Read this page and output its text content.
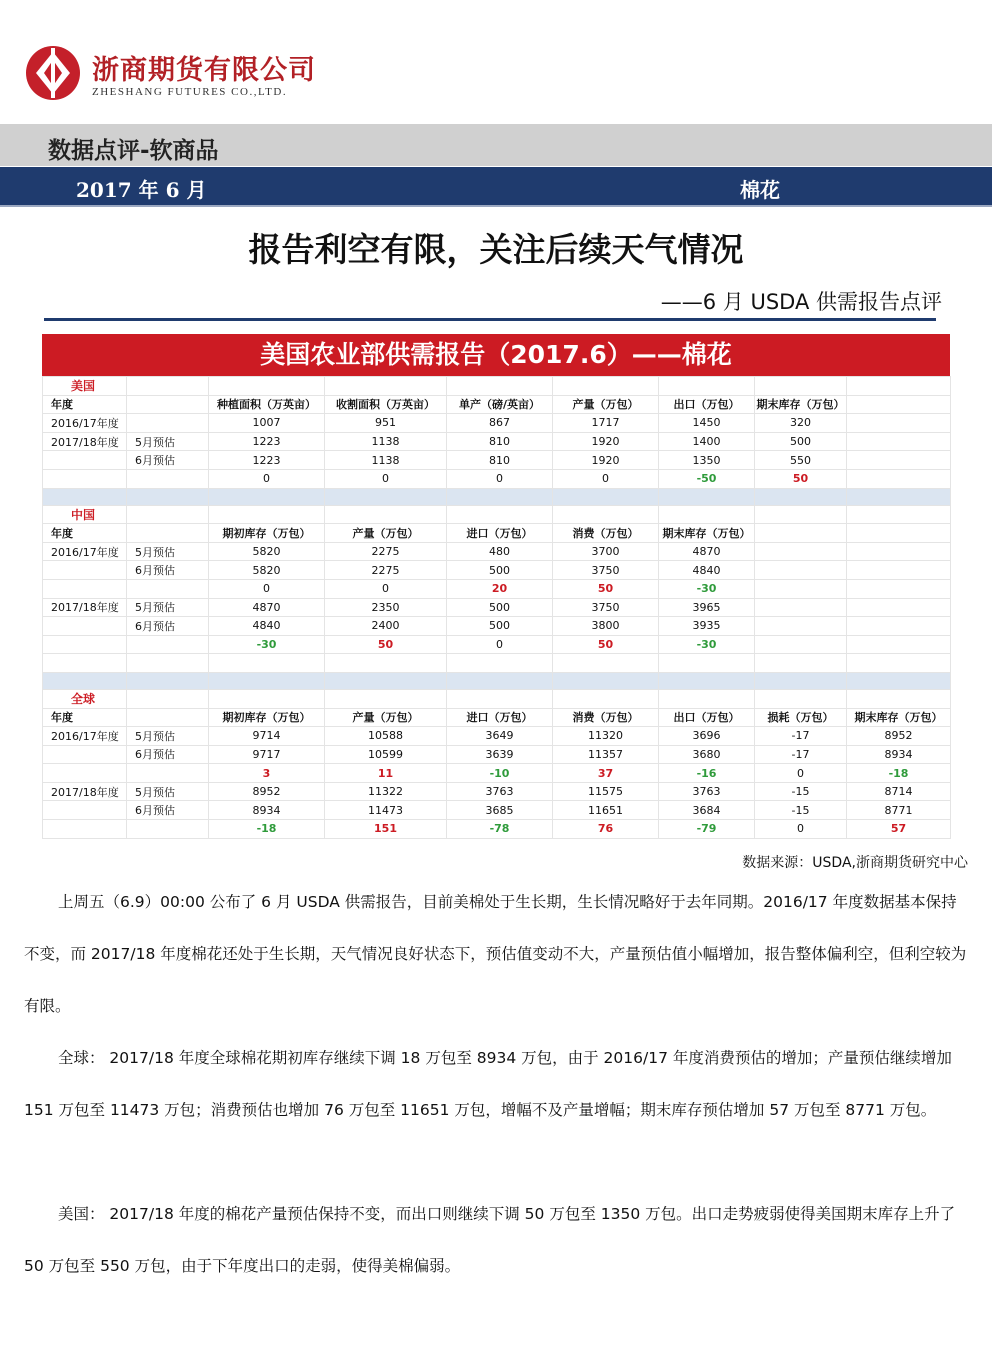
浙商期货有限公司
ZHESHANG FUTURES CO.,LTD.
数据点评-软商品
2017 年 6 月	棉花
报告利空有限，关注后续天气情况
——6 月 USDA 供需报告点评
美国农业部供需报告（2017.6）——棉花
美国								
年度		种植面积（万英亩）	收割面积（万英亩）	单产（磅/英亩）	产量（万包）	出口（万包）	期末库存（万包）	
2016/17年度		1007	951	867	1717	1450	320	
2017/18年度	5月预估	1223	1138	810	1920	1400	500	
	6月预估	1223	1138	810	1920	1350	550	
		0	0	0	0	-50	50	

中国								
年度		期初库存（万包）	产量（万包）	进口（万包）	消费（万包）	期末库存（万包）		
2016/17年度	5月预估	5820	2275	480	3700	4870		
	6月预估	5820	2275	500	3750	4840		
		0	0	20	50	-30		
2017/18年度	5月预估	4870	2350	500	3750	3965		
	6月预估	4840	2400	500	3800	3935		
		-30	50	0	50	-30		

全球								
年度		期初库存（万包）	产量（万包）	进口（万包）	消费（万包）	出口（万包）	损耗（万包）	期末库存（万包）
2016/17年度	5月预估	9714	10588	3649	11320	3696	-17	8952
	6月预估	9717	10599	3639	11357	3680	-17	8934
		3	11	-10	37	-16	0	-18
2017/18年度	5月预估	8952	11322	3763	11575	3763	-15	8714
	6月预估	8934	11473	3685	11651	3684	-15	8771
		-18	151	-78	76	-79	0	57
数据来源：USDA,浙商期货研究中心
上周五（6.9）00:00 公布了 6 月 USDA 供需报告，目前美棉处于生长期，生长情况略好于去年同期。2016/17 年度数据基本保持不变，而 2017/18 年度棉花还处于生长期，天气情况良好状态下，预估值变动不大，产量预估值小幅增加，报告整体偏利空，但利空较为有限。
全球： 2017/18 年度全球棉花期初库存继续下调 18 万包至 8934 万包，由于 2016/17 年度消费预估的增加；产量预估继续增加 151 万包至 11473 万包；消费预估也增加 76 万包至 11651 万包，增幅不及产量增幅；期末库存预估增加 57 万包至 8771 万包。
美国： 2017/18 年度的棉花产量预估保持不变，而出口则继续下调 50 万包至 1350 万包。出口走势疲弱使得美国期末库存上升了 50 万包至 550 万包，由于下年度出口的走弱，使得美棉偏弱。
